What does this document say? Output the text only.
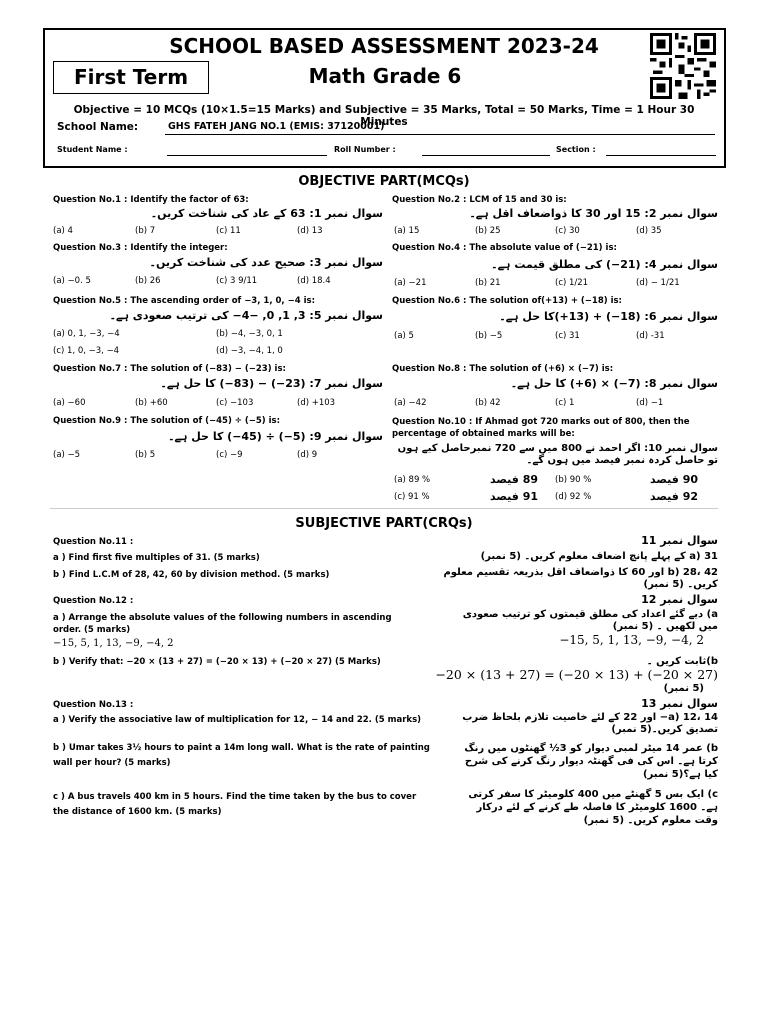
SCHOOL BASED ASSESSMENT 2023-24
First Term	Math Grade 6
Objective = 10 MCQs (10×1.5=15 Marks) and Subjective = 35 Marks, Total = 50 Marks, Time = 1 Hour 30 Minutes
School Name:	GHS FATEH JANG NO.1 (EMIS: 37120001)
Student Name :	Roll Number :	Section :
OBJECTIVE PART(MCQs)
Question No.1 : Identify the factor of 63:
سوال نمبر 1: 63 کے عاد کی شناخت کریں۔
(a) 4	(b) 7	(c) 11	(d) 13
Question No.3 : Identify the integer:
سوال نمبر 3: صحیح عدد کی شناخت کریں۔
(a) −0. 5	(b) 26	(c) 3 9/11	(d) 18.4
Question No.5 : The ascending order of −3, 1, 0, −4 is:
سوال نمبر 5: 3, 1, 0, −4− کی ترتیب صعودی ہے۔
(a) 0, 1, −3, −4	(b) −4, −3, 0, 1
(c) 1, 0, −3, −4	(d) −3, −4, 1, 0
Question No.7 : The solution of (−83) − (−23) is:
سوال نمبر 7: (23−) − (83−) کا حل ہے۔
(a) −60	(b) +60	(c) −103	(d) +103
Question No.9 : The solution of (−45) ÷ (−5) is:
سوال نمبر 9: (5−) ÷ (45−) کا حل ہے۔
(a) −5	(b) 5	(c) −9	(d) 9
Question No.2 : LCM of 15 and 30 is:
سوال نمبر 2: 15 اور 30 کا ذواضعاف اقل ہے۔
(a) 15	(b) 25	(c) 30	(d) 35
Question No.4 : The absolute value of (−21) is:
سوال نمبر 4: (21−) کی مطلق قیمت ہے۔
(a) −21	(b) 21	(c) 1/21	(d) − 1/21
Question No.6 : The solution of(+13) + (−18) is:
سوال نمبر 6: (18−) + (13+)کا حل ہے۔
(a) 5	(b) −5	(c) 31	(d) -31
Question No.8 : The solution of (+6) × (−7) is:
سوال نمبر 8: (7−) × (6+) کا حل ہے۔
(a) −42	(b) 42	(c) 1	(d) −1
Question No.10 : If Ahmad got 720 marks out of 800, then the percentage of obtained marks will be:
سوال نمبر 10: اگر احمد نے 800 میں سے 720 نمبرحاصل کیے ہوں تو حاصل کردہ نمبر فیصد میں ہوں گے۔
(a) 89 %	89 فیصد (b) 90 %	90 فیصد
(c) 91 %	91 فیصد (d) 92 %	92 فیصد
SUBJECTIVE PART(CRQs)
Question No.11 :	سوال نمبر 11
a ) Find first five multiples of 31. (5 marks)	a) 31 کے پہلے پانچ اضعاف معلوم کریں۔ (5 نمبر)
b ) Find L.C.M of 28, 42, 60 by division method. (5 marks)	b) 28، 42 اور 60 کا ذواضعاف اقل بذریعہ تقسیم معلوم کریں۔ (5 نمبر)
Question No.12 :	سوال نمبر 12
a ) Arrange the absolute values of the following numbers in ascending order. (5 marks)
−15, 5, 1, 13, −9, −4, 2
a) دیے گئے اعداد کی مطلق قیمتوں کو ترتیب صعودی میں لکھیں ۔ (5 نمبر)
−15, 5, 1, 13, −9, −4, 2
b ) Verify that: −20 × (13 + 27) = (−20 × 13) + (−20 × 27) (5 Marks)	b)ثابت کریں ۔
−20 × (13 + 27) = (−20 × 13) + (−20 × 27)
(5 نمبر)
Question No.13 :	سوال نمبر 13
a ) Verify the associative law of multiplication for 12, − 14 and 22. (5 marks)	a) 12، 14− اور 22 کے لئے خاصیت تلازم بلحاظ ضرب تصدیق کریں۔(5 نمبر)
b ) Umar takes 3½ hours to paint a 14m long wall. What is the rate of painting wall per hour? (5 marks)
b) عمر 14 میٹر لمبی دیوار کو 3½ گھنٹوں میں رنگ کرتا ہے۔ اس کی فی گھنٹہ دیوار رنگ کرنے کی شرح کیا ہے؟(5 نمبر)
c ) A bus travels 400 km in 5 hours. Find the time taken by the bus to cover the distance of 1600 km. (5 marks)
c) ایک بس 5 گھنٹے میں 400 کلومیٹر کا سفر کرتی ہے۔ 1600 کلومیٹر کا فاصلہ طے کرنے کے لئے درکار وقت معلوم کریں۔ (5 نمبر)
